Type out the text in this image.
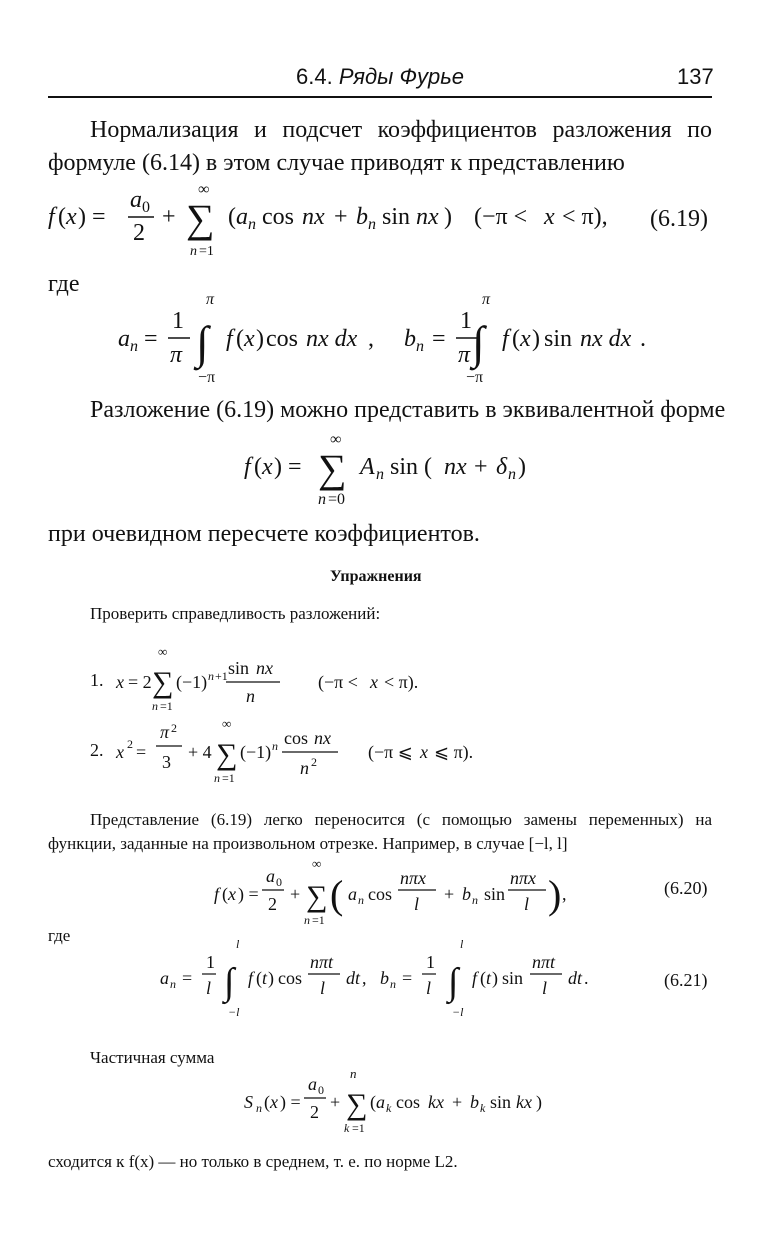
6.4. Ряды Фурье	137
Нормализация и подсчет коэффициентов разложения по формуле (6.14) в этом случае приводят к представлению
f ( x ) =
a 0
2
+
∞
∑
n =1
( a n cos nx + b n sin nx ) (−π < x < π), (6.19)
где
a n =
1
π
π
∫
−π
f ( x ) cos nx dx , b n =
1
π
π
∫
−π
f ( x ) sin nx dx .
Разложение (6.19) можно представить в эквивалентной форме
f ( x ) =
∞
∑
n =0
A n sin ( nx + δ n )
при очевидном пересчете коэффициентов.
Упражнения
Проверить справедливость разложений:
1. x = 2
∞
∑
n =1
(−1) n +1 sin nx
n
(−π < x < π).
2. x 2 =
π 2
3 + 4
∞
∑
n =1
(−1) n cos nx
n 2	(−π ⩽ x ⩽ π).
Представление (6.19) легко переносится (с помощью замены переменных) на функции, заданные на произвольном отрезке. Например, в случае [−l, l]
f ( x ) =
a 0
2 +
∞
∑
n =1
( a n cos
nπx
l + b n sin
nπx
l ) ,	(6.20)
где
a n =
1
l
l
∫
−l
f ( t ) cos
nπt
l dt , b n =
1
l
l
∫
−l
f ( t ) sin
nπt
l dt .	(6.21)
Частичная сумма
S n ( x ) =
a 0
2 +
n
∑
k =1
( a k cos kx + b k sin kx )
сходится к f(x) — но только в среднем, т. е. по норме L2.
